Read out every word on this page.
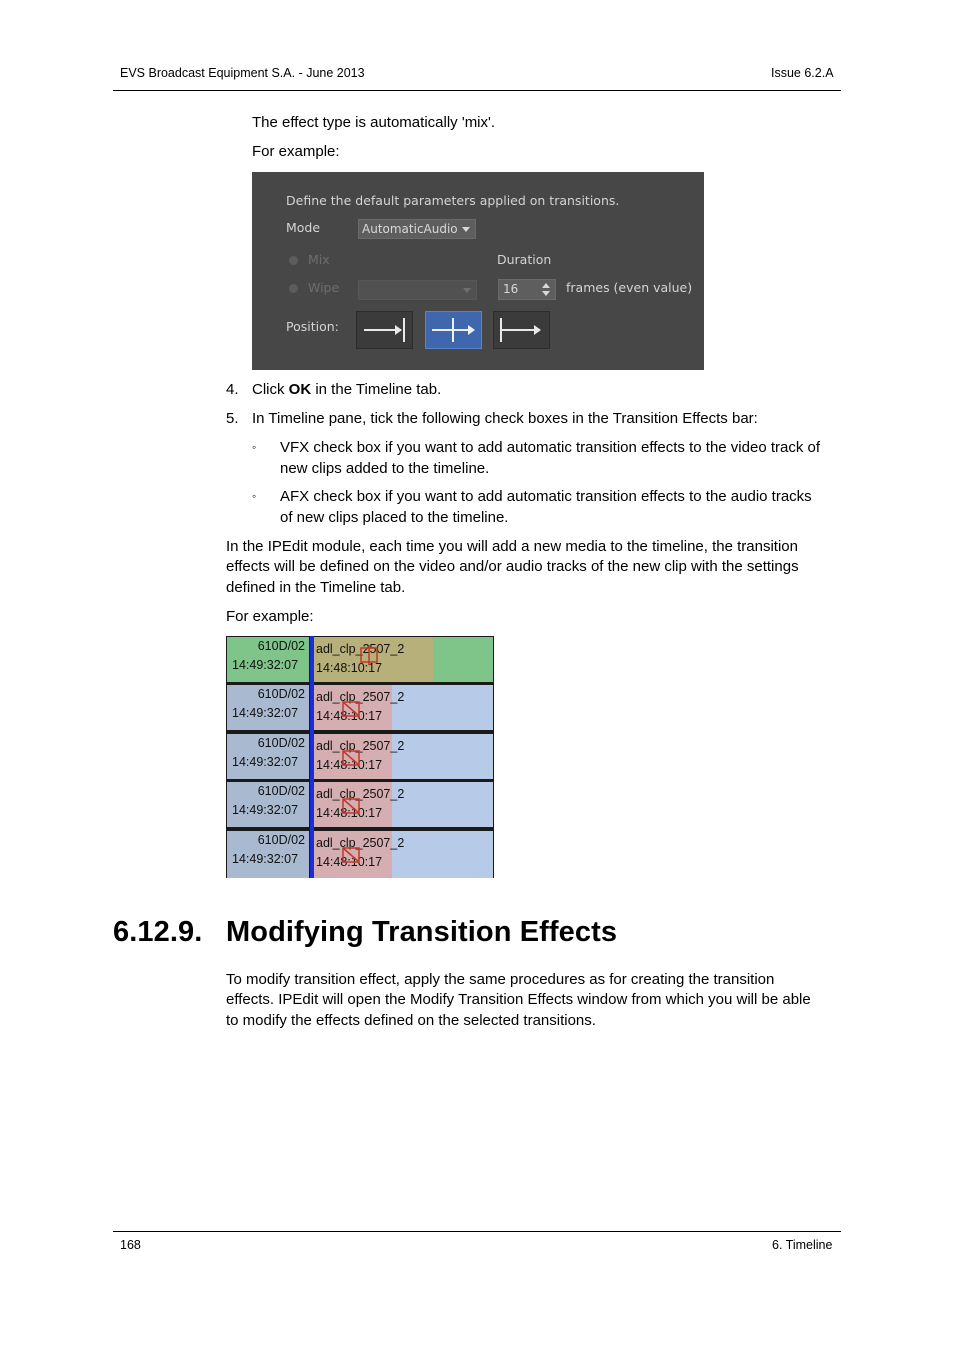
EVS Broadcast Equipment S.A. - June 2013	Issue 6.2.A
The effect type is automatically 'mix'.
For example:
Define the default parameters applied on transitions.
Mode	AutomaticAudio
Mix
Wipe
Duration
16	frames (even value)
Position:
4. Click OK in the Timeline tab.
5. In Timeline pane, tick the following check boxes in the Transition Effects bar:
◦ VFX check box if you want to add automatic transition effects to the video track of
new clips added to the timeline.
◦ AFX check box if you want to add automatic transition effects to the audio tracks
of new clips placed to the timeline.
In the IPEdit module, each time you will add a new media to the timeline, the transition
effects will be defined on the video and/or audio tracks of the new clip with the settings
defined in the Timeline tab.
For example:
610D/02
14:49:32:07
adl_clp_2507_2
14:48:10:17
610D/02
14:49:32:07
adl_clp_2507_2
14:48:10:17
610D/02
14:49:32:07
adl_clp_2507_2
14:48:10:17
610D/02
14:49:32:07
adl_clp_2507_2
14:48:10:17
610D/02
14:49:32:07
adl_clp_2507_2
14:48:10:17
6.12.9. Modifying Transition Effects
To modify transition effect, apply the same procedures as for creating the transition
effects. IPEdit will open the Modify Transition Effects window from which you will be able
to modify the effects defined on the selected transitions.
168	6. Timeline
